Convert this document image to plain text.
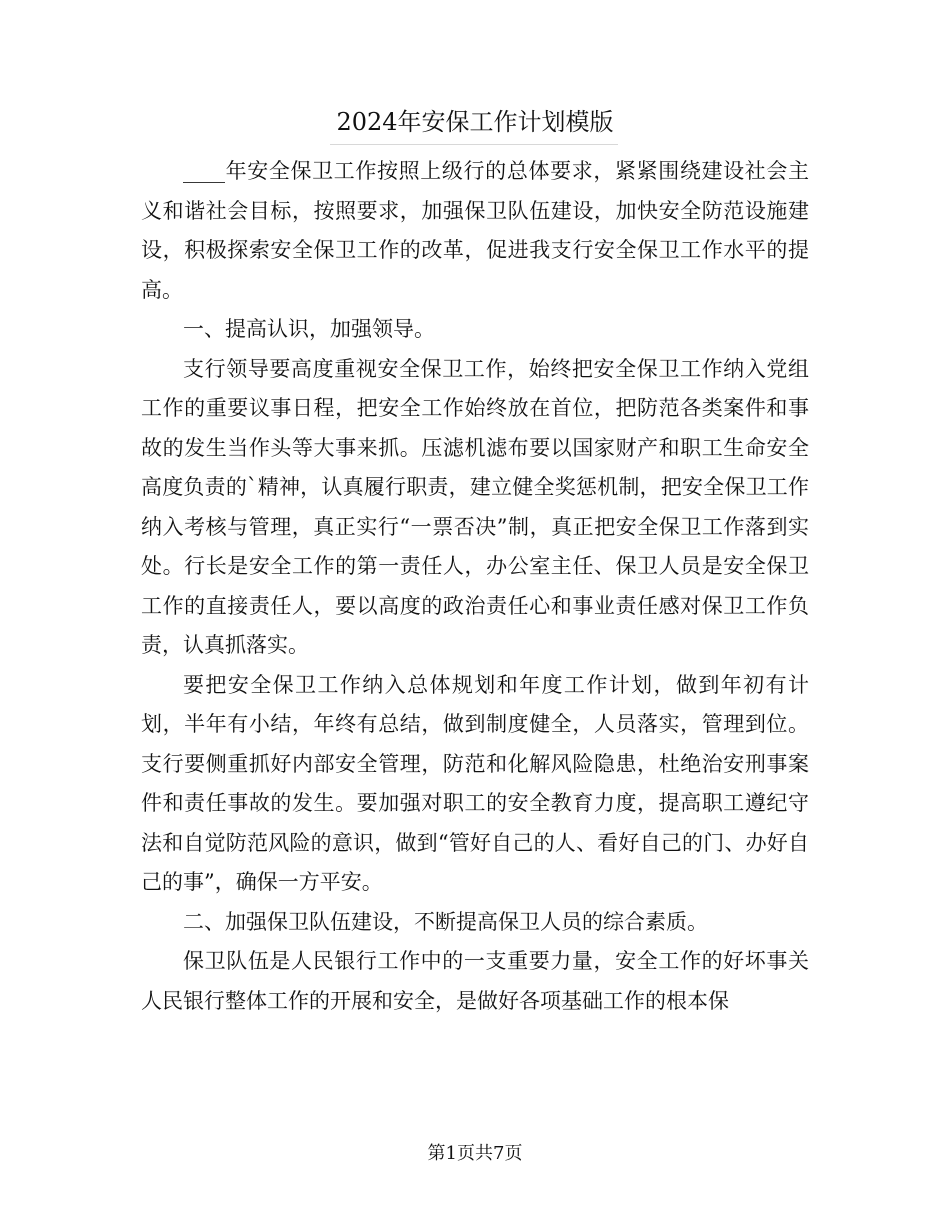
2024年安保工作计划模版

____年安全保卫工作按照上级行的总体要求，紧紧围绕建设社会主义和谐社会目标，按照要求，加强保卫队伍建设，加快安全防范设施建设，积极探索安全保卫工作的改革，促进我支行安全保卫工作水平的提高。

一、提高认识，加强领导。

支行领导要高度重视安全保卫工作，始终把安全保卫工作纳入党组工作的重要议事日程，把安全工作始终放在首位，把防范各类案件和事故的发生当作头等大事来抓。压滤机滤布要以国家财产和职工生命安全高度负责的`精神，认真履行职责，建立健全奖惩机制，把安全保卫工作纳入考核与管理，真正实行“一票否决”制，真正把安全保卫工作落到实处。行长是安全工作的第一责任人，办公室主任、保卫人员是安全保卫工作的直接责任人，要以高度的政治责任心和事业责任感对保卫工作负责，认真抓落实。

要把安全保卫工作纳入总体规划和年度工作计划，做到年初有计划，半年有小结，年终有总结，做到制度健全，人员落实，管理到位。支行要侧重抓好内部安全管理，防范和化解风险隐患，杜绝治安刑事案件和责任事故的发生。要加强对职工的安全教育力度，提高职工遵纪守法和自觉防范风险的意识，做到“管好自己的人、看好自己的门、办好自己的事”，确保一方平安。

二、加强保卫队伍建设，不断提高保卫人员的综合素质。

保卫队伍是人民银行工作中的一支重要力量，安全工作的好坏事关人民银行整体工作的开展和安全，是做好各项基础工作的根本保

第1页共7页
